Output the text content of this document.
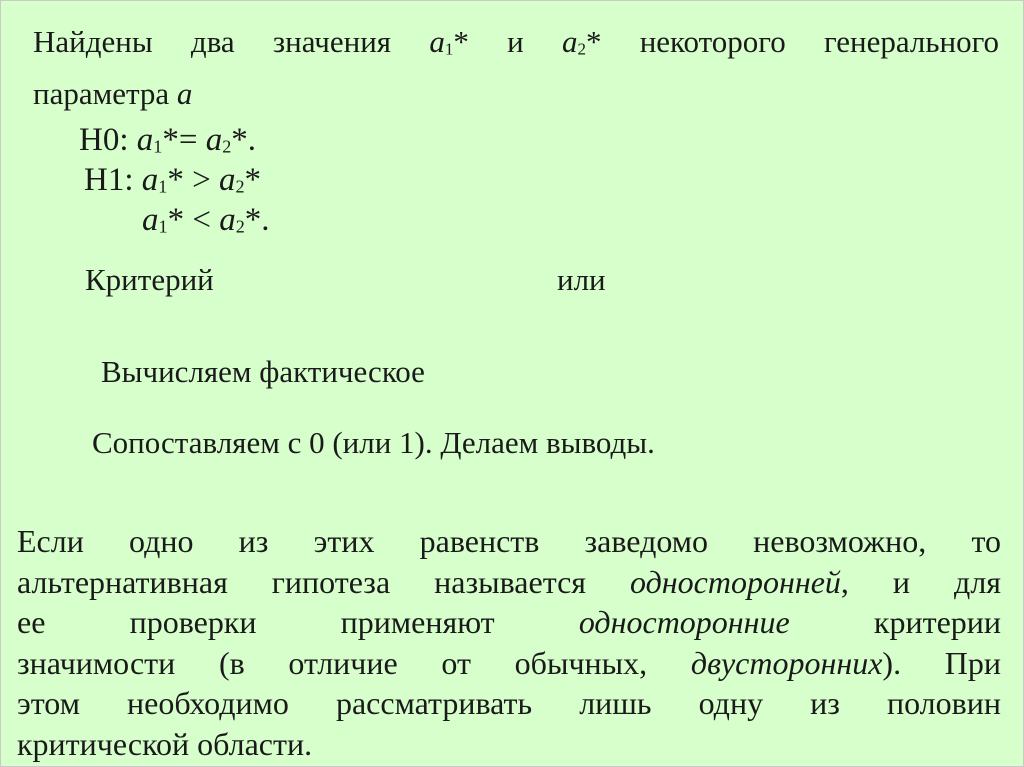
Найдены два значения $a_1*$ и $a_2*$ некоторого генерального
параметра a
H0: $a_1*= a_2*$.
H1: $a_1* > a_2*$
$a_1* < a_2*$.
Критерий	или
Вычисляем фактическое
Сопоставляем с 0 (или 1). Делаем выводы.
Если одно из этих равенств заведомо невозможно, то
альтернативная гипотеза называется односторонней, и для
ее проверки применяют	односторонние	критерии
значимости (в отличие от обычных, двусторонних). При
этом необходимо рассматривать лишь одну из половин
критической области.
